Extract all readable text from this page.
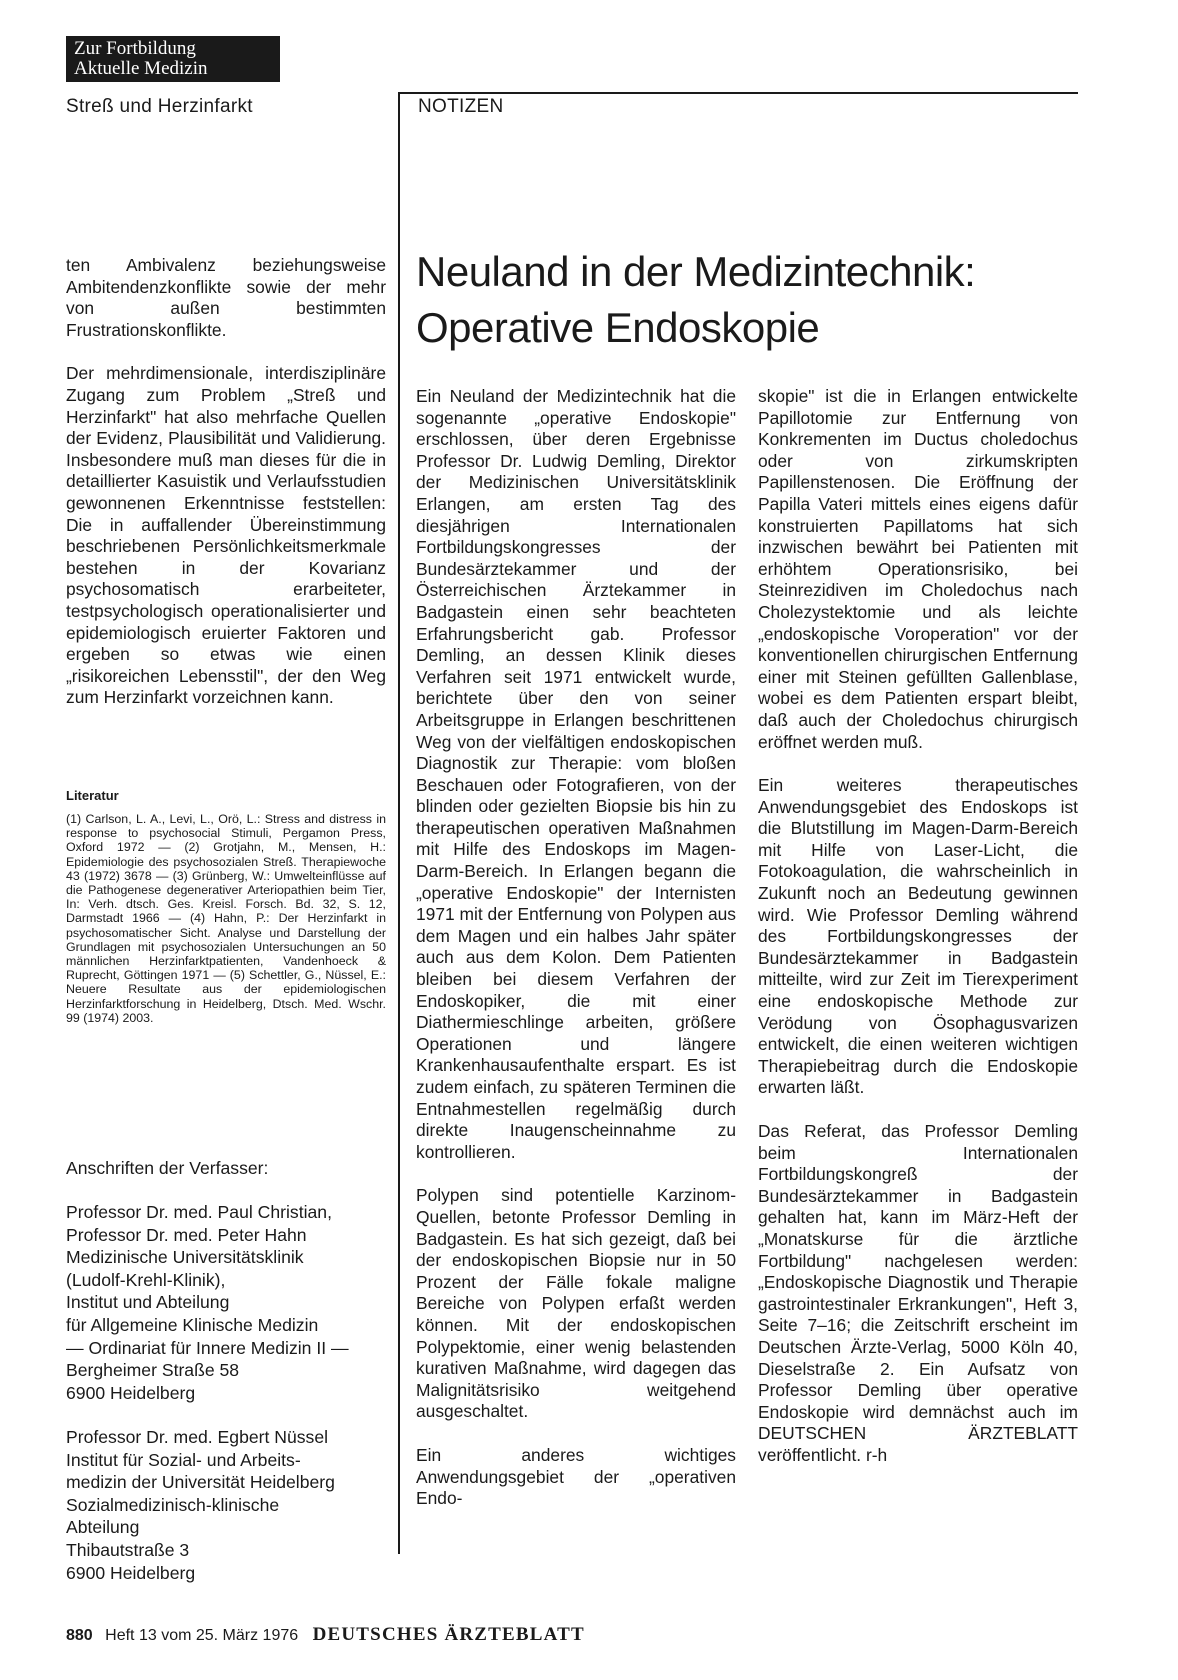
Zur Fortbildung
Aktuelle Medizin
Streß und Herzinfarkt	NOTIZEN
Neuland in der Medizintechnik:
Operative Endoskopie

ten Ambivalenz beziehungsweise Ambitendenzkonflikte sowie der mehr von außen bestimmten Frustrationskonflikte.

Der mehrdimensionale, interdisziplinäre Zugang zum Problem „Streß und Herzinfarkt" hat also mehrfache Quellen der Evidenz, Plausibilität und Validierung. Insbesondere muß man dieses für die in detaillierter Kasuistik und Verlaufsstudien gewonnenen Erkenntnisse feststellen: Die in auffallender Übereinstimmung beschriebenen Persönlichkeitsmerkmale bestehen in der Kovarianz psychosomatisch erarbeiteter, testpsychologisch operationalisierter und epidemiologisch eruierter Faktoren und ergeben so etwas wie einen „risikoreichen Lebensstil", der den Weg zum Herzinfarkt vorzeichnen kann.

Literatur

(1) Carlson, L. A., Levi, L., Orö, L.: Stress and distress in response to psychosocial Stimuli, Pergamon Press, Oxford 1972 — (2) Grotjahn, M., Mensen, H.: Epidemiologie des psychosozialen Streß. Therapiewoche 43 (1972) 3678 — (3) Grünberg, W.: Umwelteinflüsse auf die Pathogenese degenerativer Arteriopathien beim Tier, In: Verh. dtsch. Ges. Kreisl. Forsch. Bd. 32, S. 12, Darmstadt 1966 — (4) Hahn, P.: Der Herzinfarkt in psychosomatischer Sicht. Analyse und Darstellung der Grundlagen mit psychosozialen Untersuchungen an 50 männlichen Herzinfarktpatienten, Vandenhoeck & Ruprecht, Göttingen 1971 — (5) Schettler, G., Nüssel, E.: Neuere Resultate aus der epidemiologischen Herzinfarktforschung in Heidelberg, Dtsch. Med. Wschr. 99 (1974) 2003.

Anschriften der Verfasser:
Professor Dr. med. Paul Christian,
Professor Dr. med. Peter Hahn
Medizinische Universitätsklinik
(Ludolf-Krehl-Klinik),
Institut und Abteilung
für Allgemeine Klinische Medizin
— Ordinariat für Innere Medizin II —
Bergheimer Straße 58
6900 Heidelberg
Professor Dr. med. Egbert Nüssel
Institut für Sozial- und Arbeits-
medizin der Universität Heidelberg
Sozialmedizinisch-klinische
Abteilung
Thibautstraße 3
6900 Heidelberg

Ein Neuland der Medizintechnik hat die sogenannte „operative Endoskopie" erschlossen, über deren Ergebnisse Professor Dr. Ludwig Demling, Direktor der Medizinischen Universitätsklinik Erlangen, am ersten Tag des diesjährigen Internationalen Fortbildungskongresses der Bundesärztekammer und der Österreichischen Ärztekammer in Badgastein einen sehr beachteten Erfahrungsbericht gab. Professor Demling, an dessen Klinik dieses Verfahren seit 1971 entwickelt wurde, berichtete über den von seiner Arbeitsgruppe in Erlangen beschrittenen Weg von der vielfältigen endoskopischen Diagnostik zur Therapie: vom bloßen Beschauen oder Fotografieren, von der blinden oder gezielten Biopsie bis hin zu therapeutischen operativen Maßnahmen mit Hilfe des Endoskops im Magen-Darm-Bereich. In Erlangen begann die „operative Endoskopie" der Internisten 1971 mit der Entfernung von Polypen aus dem Magen und ein halbes Jahr später auch aus dem Kolon. Dem Patienten bleiben bei diesem Verfahren der Endoskopiker, die mit einer Diathermieschlinge arbeiten, größere Operationen und längere Krankenhausaufenthalte erspart. Es ist zudem einfach, zu späteren Terminen die Entnahmestellen regelmäßig durch direkte Inaugenscheinnahme zu kontrollieren.

Polypen sind potentielle Karzinom-Quellen, betonte Professor Demling in Badgastein. Es hat sich gezeigt, daß bei der endoskopischen Biopsie nur in 50 Prozent der Fälle fokale maligne Bereiche von Polypen erfaßt werden können. Mit der endoskopischen Polypektomie, einer wenig belastenden kurativen Maßnahme, wird dagegen das Malignitätsrisiko weitgehend ausgeschaltet.

Ein anderes wichtiges Anwendungsgebiet der „operativen Endo-

skopie" ist die in Erlangen entwickelte Papillotomie zur Entfernung von Konkrementen im Ductus choledochus oder von zirkumskripten Papillenstenosen. Die Eröffnung der Papilla Vateri mittels eines eigens dafür konstruierten Papillatoms hat sich inzwischen bewährt bei Patienten mit erhöhtem Operationsrisiko, bei Steinrezidiven im Choledochus nach Cholezystektomie und als leichte „endoskopische Voroperation" vor der konventionellen chirurgischen Entfernung einer mit Steinen gefüllten Gallenblase, wobei es dem Patienten erspart bleibt, daß auch der Choledochus chirurgisch eröffnet werden muß.

Ein weiteres therapeutisches Anwendungsgebiet des Endoskops ist die Blutstillung im Magen-Darm-Bereich mit Hilfe von Laser-Licht, die Fotokoagulation, die wahrscheinlich in Zukunft noch an Bedeutung gewinnen wird. Wie Professor Demling während des Fortbildungskongresses der Bundesärztekammer in Badgastein mitteilte, wird zur Zeit im Tierexperiment eine endoskopische Methode zur Verödung von Ösophagusvarizen entwickelt, die einen weiteren wichtigen Therapiebeitrag durch die Endoskopie erwarten läßt.

Das Referat, das Professor Demling beim Internationalen Fortbildungskongreß der Bundesärztekammer in Badgastein gehalten hat, kann im März-Heft der „Monatskurse für die ärztliche Fortbildung" nachgelesen werden: „Endoskopische Diagnostik und Therapie gastrointestinaler Erkrankungen", Heft 3, Seite 7–16; die Zeitschrift erscheint im Deutschen Ärzte-Verlag, 5000 Köln 40, Dieselstraße 2. Ein Aufsatz von Professor Demling über operative Endoskopie wird demnächst auch im DEUTSCHEN ÄRZTEBLATT veröffentlicht. r-h

880 Heft 13 vom 25. März 1976 DEUTSCHES ÄRZTEBLATT
